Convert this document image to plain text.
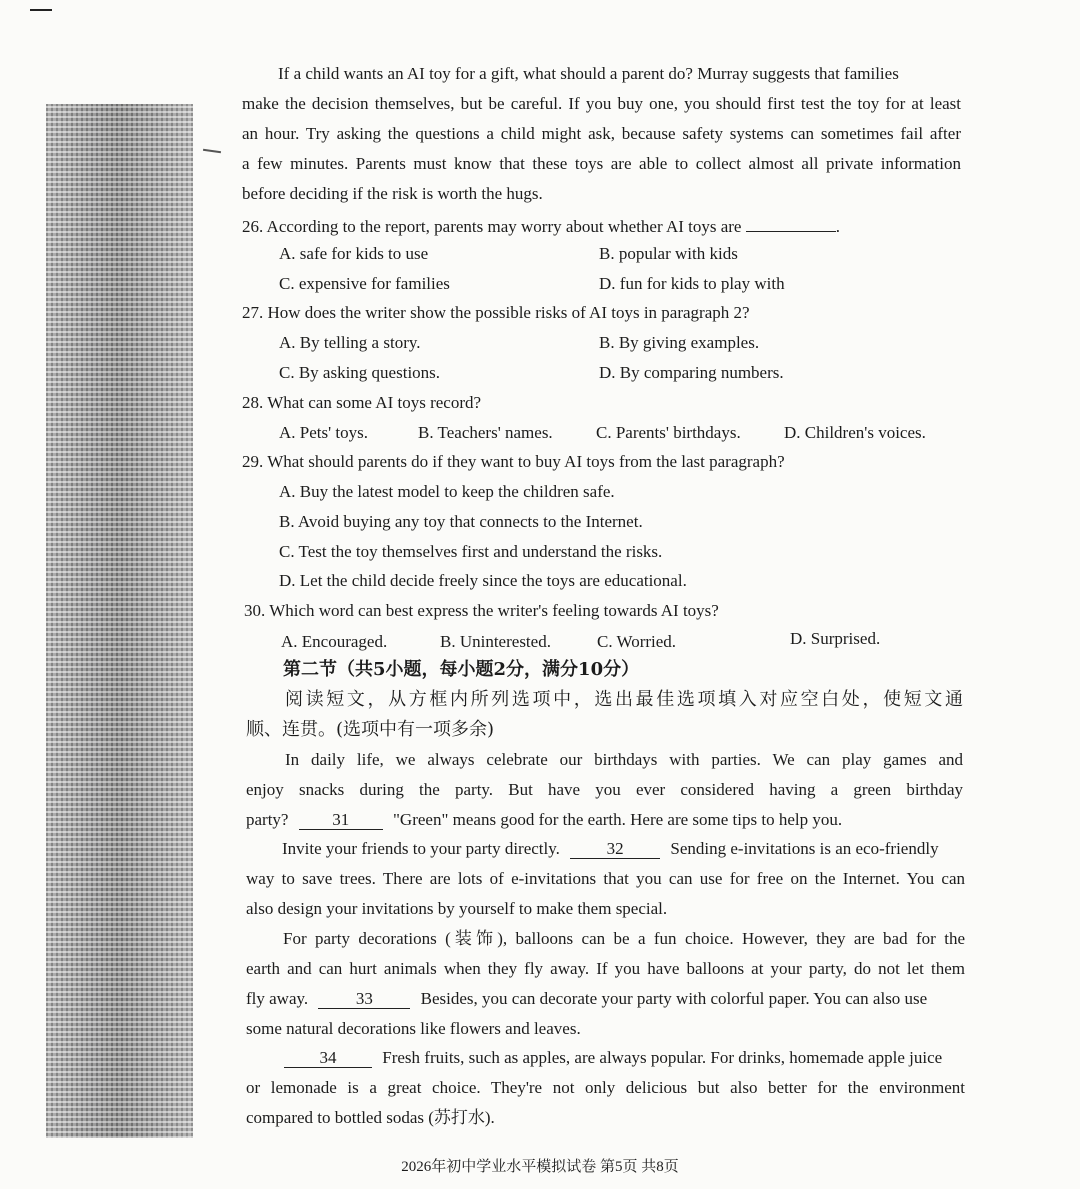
If a child wants an AI toy for a gift, what should a parent do? Murray suggests that families
make the decision themselves, but be careful. If you buy one, you should first test the toy for at least
an hour. Try asking the questions a child might ask, because safety systems can sometimes fail after
a few minutes. Parents must know that these toys are able to collect almost all private information
before deciding if the risk is worth the hugs.
26. According to the report, parents may worry about whether AI toys are	.
A. safe for kids to use	B. popular with kids
C. expensive for families	D. fun for kids to play with
27. How does the writer show the possible risks of AI toys in paragraph 2?
A. By telling a story.	B. By giving examples.
C. By asking questions.	D. By comparing numbers.
28. What can some AI toys record?
A. Pets' toys.	B. Teachers' names.	C. Parents' birthdays.	D. Children's voices.
29. What should parents do if they want to buy AI toys from the last paragraph?
A. Buy the latest model to keep the children safe.
B. Avoid buying any toy that connects to the Internet.
C. Test the toy themselves first and understand the risks.
D. Let the child decide freely since the toys are educational.
30. Which word can best express the writer's feeling towards AI toys?
A. Encouraged.	B. Uninterested.	C. Worried.	D. Surprised.
第二节（共5小题，每小题2分，满分10分）
阅读短文，从方框内所列选项中，选出最佳选项填入对应空白处，使短文通
顺、连贯。(选项中有一项多余)
In daily life, we always celebrate our birthdays with parties. We can play games and
enjoy snacks during the party. But have you ever considered having a green birthday
party?	31	"Green" means good for the earth. Here are some tips to help you.
Invite your friends to your party directly.	32	Sending e-invitations is an eco-friendly
way to save trees. There are lots of e-invitations that you can use for free on the Internet. You can
also design your invitations by yourself to make them special.
For party decorations (装饰), balloons can be a fun choice. However, they are bad for the
earth and can hurt animals when they fly away. If you have balloons at your party, do not let them
fly away.	33	Besides, you can decorate your party with colorful paper. You can also use
some natural decorations like flowers and leaves.
34	Fresh fruits, such as apples, are always popular. For drinks, homemade apple juice
or lemonade is a great choice. They're not only delicious but also better for the environment
compared to bottled sodas (苏打水).
2026年初中学业水平模拟试卷 第5页 共8页
